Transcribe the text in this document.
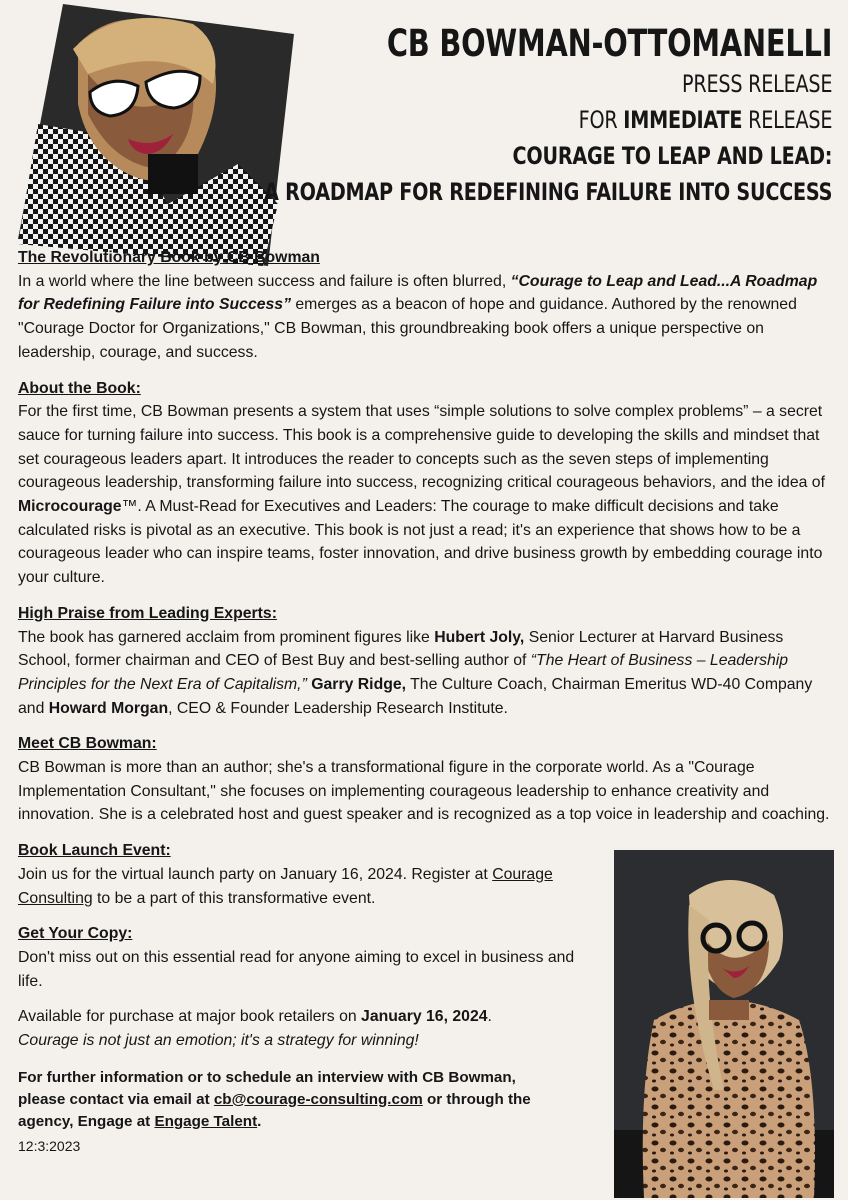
CB BOWMAN-OTTOMANELLI
PRESS RELEASE
FOR IMMEDIATE RELEASE
COURAGE TO LEAP AND LEAD:
A ROADMAP FOR REDEFINING FAILURE INTO SUCCESS
The Revolutionary Book by CB Bowman

In a world where the line between success and failure is often blurred, “Courage to Leap and Lead...A Roadmap for Redefining Failure into Success” emerges as a beacon of hope and guidance. Authored by the renowned "Courage Doctor for Organizations," CB Bowman, this groundbreaking book offers a unique perspective on leadership, courage, and success.

About the Book:

For the first time, CB Bowman presents a system that uses “simple solutions to solve complex problems” – a secret sauce for turning failure into success. This book is a comprehensive guide to developing the skills and mindset that set courageous leaders apart. It introduces the reader to concepts such as the seven steps of implementing courageous leadership, transforming failure into success, recognizing critical courageous behaviors, and the idea of Microcourage™. A Must-Read for Executives and Leaders: The courage to make difficult decisions and take calculated risks is pivotal as an executive. This book is not just a read; it's an experience that shows how to be a courageous leader who can inspire teams, foster innovation, and drive business growth by embedding courage into your culture.

High Praise from Leading Experts:

The book has garnered acclaim from prominent figures like Hubert Joly, Senior Lecturer at Harvard Business School, former chairman and CEO of Best Buy and best-selling author of “The Heart of Business – Leadership Principles for the Next Era of Capitalism,” Garry Ridge, The Culture Coach, Chairman Emeritus WD-40 Company and Howard Morgan, CEO & Founder Leadership Research Institute.

Meet CB Bowman:

CB Bowman is more than an author; she's a transformational figure in the corporate world. As a "Courage Implementation Consultant," she focuses on implementing courageous leadership to enhance creativity and innovation. She is a celebrated host and guest speaker and is recognized as a top voice in leadership and coaching.

Book Launch Event:

Join us for the virtual launch party on January 16, 2024. Register at Courage Consulting to be a part of this transformative event.

Get Your Copy:

Don't miss out on this essential read for anyone aiming to excel in business and life.

Available for purchase at major book retailers on January 16, 2024.

Courage is not just an emotion; it's a strategy for winning!

For further information or to schedule an interview with CB Bowman, please contact via email at cb@courage-consulting.com or through the agency, Engage at Engage Talent.
12:3:2023
